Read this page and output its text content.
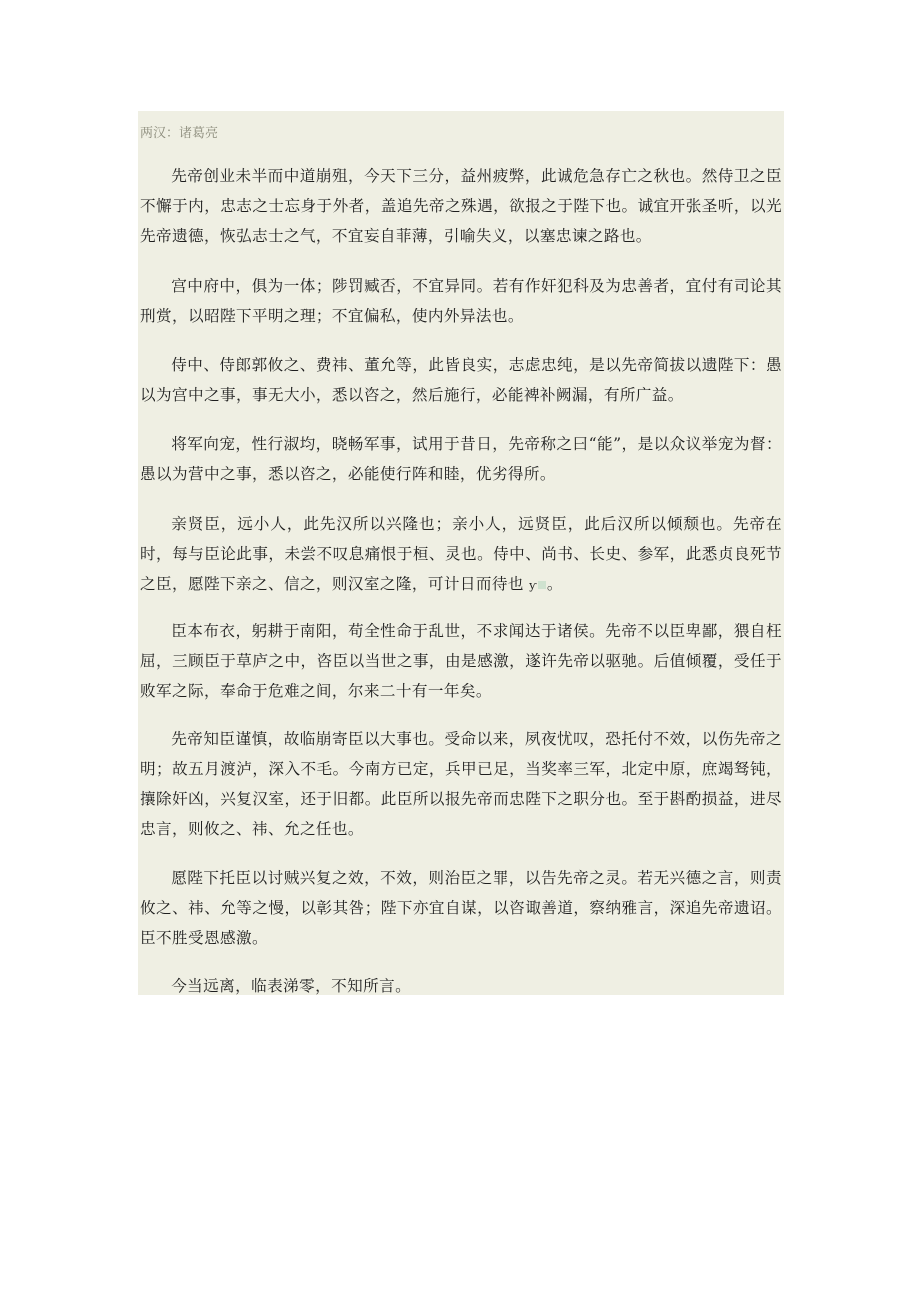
两汉：诸葛亮

先帝创业未半而中道崩殂，今天下三分，益州疲弊，此诚危急存亡之秋也。然侍卫之臣不懈于内，忠志之士忘身于外者，盖追先帝之殊遇，欲报之于陛下也。诚宜开张圣听，以光先帝遗德，恢弘志士之气，不宜妄自菲薄，引喻失义，以塞忠谏之路也。

宫中府中，俱为一体；陟罚臧否，不宜异同。若有作奸犯科及为忠善者，宜付有司论其刑赏，以昭陛下平明之理；不宜偏私，使内外异法也。

侍中、侍郎郭攸之、费祎、董允等，此皆良实，志虑忠纯，是以先帝简拔以遗陛下：愚以为宫中之事，事无大小，悉以咨之，然后施行，必能裨补阙漏，有所广益。

将军向宠，性行淑均，晓畅军事，试用于昔日，先帝称之曰“能”，是以众议举宠为督：愚以为营中之事，悉以咨之，必能使行阵和睦，优劣得所。

亲贤臣，远小人，此先汉所以兴隆也；亲小人，远贤臣，此后汉所以倾颓也。先帝在时，每与臣论此事，未尝不叹息痛恨于桓、灵也。侍中、尚书、长史、参军，此悉贞良死节之臣，愿陛下亲之、信之，则汉室之隆，可计日而待也 ƴ 。

臣本布衣，躬耕于南阳，苟全性命于乱世，不求闻达于诸侯。先帝不以臣卑鄙，猥自枉屈，三顾臣于草庐之中，咨臣以当世之事，由是感激，遂许先帝以驱驰。后值倾覆，受任于败军之际，奉命于危难之间，尔来二十有一年矣。

先帝知臣谨慎，故临崩寄臣以大事也。受命以来，夙夜忧叹，恐托付不效，以伤先帝之明；故五月渡泸，深入不毛。今南方已定，兵甲已足，当奖率三军，北定中原，庶竭驽钝，攘除奸凶，兴复汉室，还于旧都。此臣所以报先帝而忠陛下之职分也。至于斟酌损益，进尽忠言，则攸之、祎、允之任也。

愿陛下托臣以讨贼兴复之效，不效，则治臣之罪，以告先帝之灵。若无兴德之言，则责攸之、祎、允等之慢，以彰其咎；陛下亦宜自谋，以咨诹善道，察纳雅言，深追先帝遗诏。臣不胜受恩感激。

今当远离，临表涕零，不知所言。
